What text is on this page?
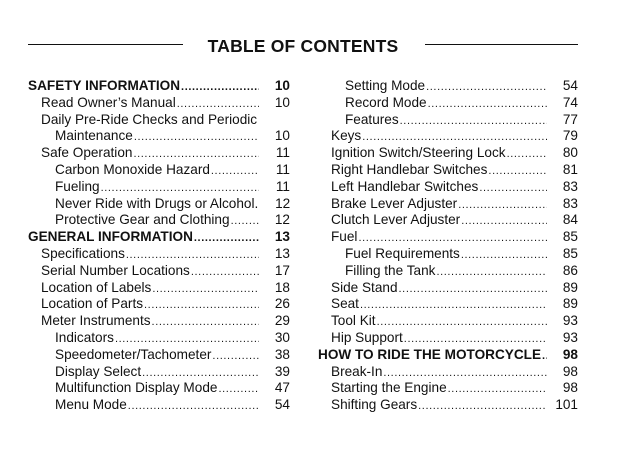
TABLE OF CONTENTS
SAFETY INFORMATION .....	10
Read Owner’s Manual .....	10
Daily Pre-Ride Checks and Periodic
Maintenance .....	10
Safe Operation .....	11
Carbon Monoxide Hazard .....	11
Fueling .....	11
Never Ride with Drugs or Alcohol.	12
Protective Gear and Clothing .....	12
GENERAL INFORMATION .....	13
Specifications .....	13
Serial Number Locations .....	17
Location of Labels .....	18
Location of Parts .....	26
Meter Instruments .....	29
Indicators .....	30
Speedometer/Tachometer .....	38
Display Select .....	39
Multifunction Display Mode .....	47
Menu Mode .....	54
Setting Mode .....	54
Record Mode .....	74
Features .....	77
Keys .....	79
Ignition Switch/Steering Lock .....	80
Right Handlebar Switches .....	81
Left Handlebar Switches .....	83
Brake Lever Adjuster .....	83
Clutch Lever Adjuster .....	84
Fuel .....	85
Fuel Requirements .....	85
Filling the Tank .....	86
Side Stand .....	89
Seat .....	89
Tool Kit .....	93
Hip Support .....	93
HOW TO RIDE THE MOTORCYCLE .....	98
Break-In .....	98
Starting the Engine .....	98
Shifting Gears .....	101
